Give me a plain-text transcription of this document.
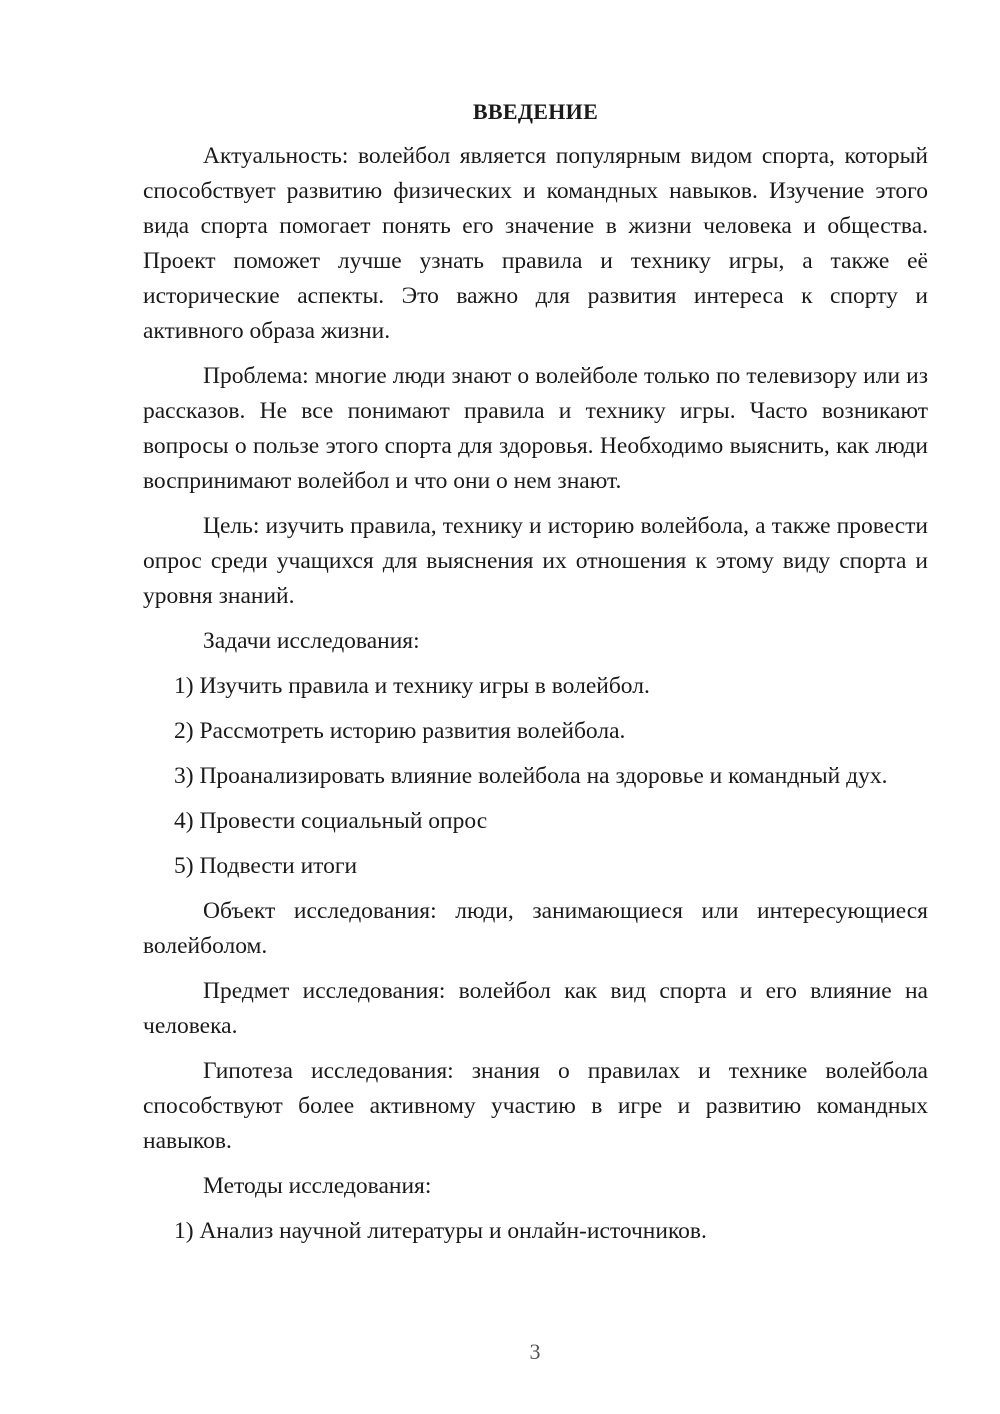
ВВЕДЕНИЕ

Актуальность: волейбол является популярным видом спорта, который способствует развитию физических и командных навыков. Изучение этого вида спорта помогает понять его значение в жизни человека и общества. Проект поможет лучше узнать правила и технику игры, а также её исторические аспекты. Это важно для развития интереса к спорту и активного образа жизни.

Проблема: многие люди знают о волейболе только по телевизору или из рассказов. Не все понимают правила и технику игры. Часто возникают вопросы о пользе этого спорта для здоровья. Необходимо выяснить, как люди воспринимают волейбол и что они о нем знают.

Цель: изучить правила, технику и историю волейбола, а также провести опрос среди учащихся для выяснения их отношения к этому виду спорта и уровня знаний.

Задачи исследования:

1) Изучить правила и технику игры в волейбол.

2) Рассмотреть историю развития волейбола.

3) Проанализировать влияние волейбола на здоровье и командный дух.

4) Провести социальный опрос

5) Подвести итоги

Объект исследования: люди, занимающиеся или интересующиеся волейболом.

Предмет исследования: волейбол как вид спорта и его влияние на человека.

Гипотеза исследования: знания о правилах и технике волейбола способствуют более активному участию в игре и развитию командных навыков.

Методы исследования:

1) Анализ научной литературы и онлайн-источников.

3
